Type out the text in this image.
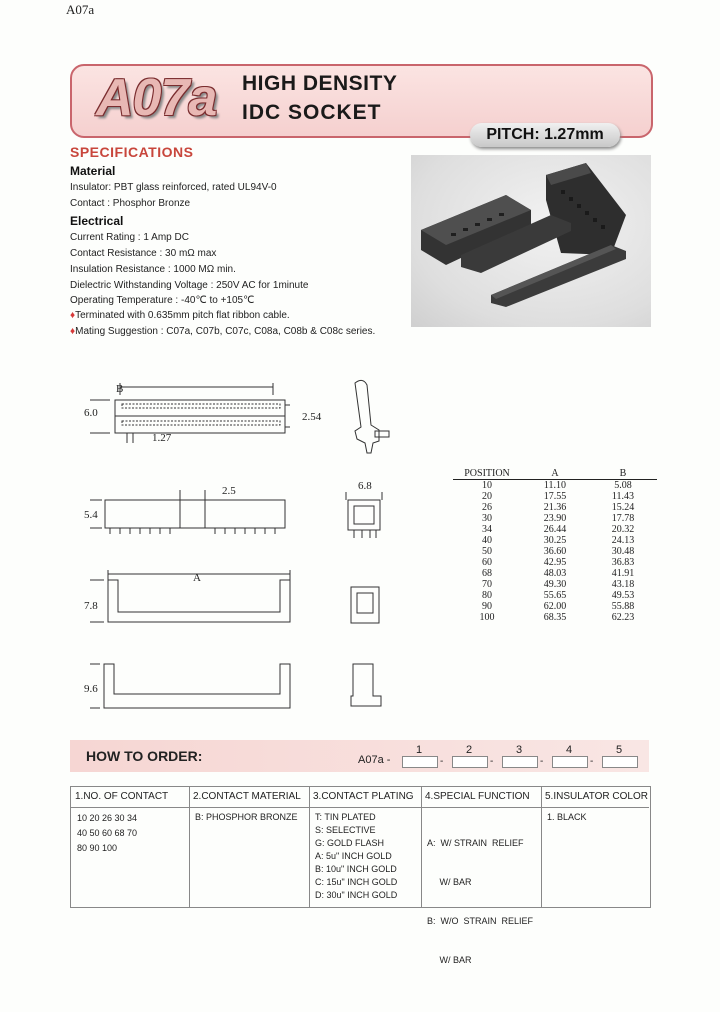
A07a
A07a HIGH DENSITY
IDC SOCKET
PITCH: 1.27mm
SPECIFICATIONS
Material
Insulator: PBT glass reinforced, rated UL94V-0
Contact : Phosphor Bronze
Electrical
Current Rating : 1 Amp DC
Contact Resistance : 30 mΩ max
Insulation Resistance : 1000 MΩ min.
Dielectric Withstanding Voltage : 250V AC for 1minute
Operating Temperature : -40℃ to +105℃
♦Terminated with 0.635mm pitch flat ribbon cable.
♦Mating Suggestion : C07a, C07b, C07c, C08a, C08b & C08c series.
B
6.0	2.54
1.27
2.5
5.4
6.8
A
7.8
9.6
POSITION	A	B
10	11.10	5.08
20	17.55	11.43
26	21.36	15.24
30	23.90	17.78
34	26.44	20.32
40	30.25	24.13
50	36.60	30.48
60	42.95	36.83
68	48.03	41.91
70	49.30	43.18
80	55.65	49.53
90	62.00	55.88
100	68.35	62.23
HOW TO ORDER:	A07a -
1	2	3	4	5
-	-	-	-
1.NO. OF CONTACT
10 20 26 30 34
40 50 60 68 70
80 90 100
2.CONTACT MATERIAL
B: PHOSPHOR BRONZE
3.CONTACT PLATING
T: TIN PLATED
S: SELECTIVE
G: GOLD FLASH
A: 5u" INCH GOLD
B: 10u" INCH GOLD
C: 15u" INCH GOLD
D: 30u" INCH GOLD
4.SPECIAL FUNCTION

A:  W/ STRAIN  RELIEF

W/ BAR

B:  W/O  STRAIN  RELIEF

W/ BAR

5.INSULATOR COLOR
1. BLACK
